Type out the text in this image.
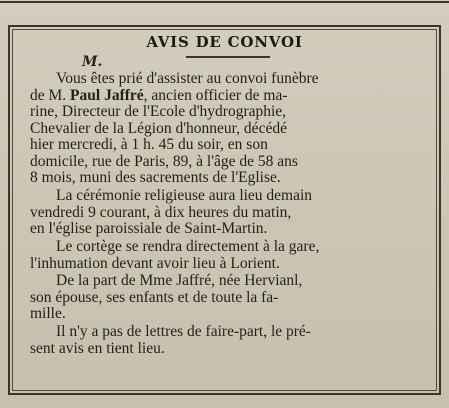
AVIS DE CONVOI
M.

Vous êtes prié d'assister au convoi funèbre
de M. Paul Jaffré, ancien officier de ma-
rine, Directeur de l'Ecole d'hydrographie,
Chevalier de la Légion d'honneur, décédé
hier mercredi, à 1 h. 45 du soir, en son
domicile, rue de Paris, 89, à l'âge de 58 ans
8 mois, muni des sacrements de l'Eglise.

La cérémonie religieuse aura lieu demain
vendredi 9 courant, à dix heures du matin,
en l'église paroissiale de Saint-Martin.

Le cortège se rendra directement à la gare,
l'inhumation devant avoir lieu à Lorient.

De la part de Mme Jaffré, née Hervianl,
son épouse, ses enfants et de toute la fa-
mille.

Il n'y a pas de lettres de faire-part, le pré-
sent avis en tient lieu.
